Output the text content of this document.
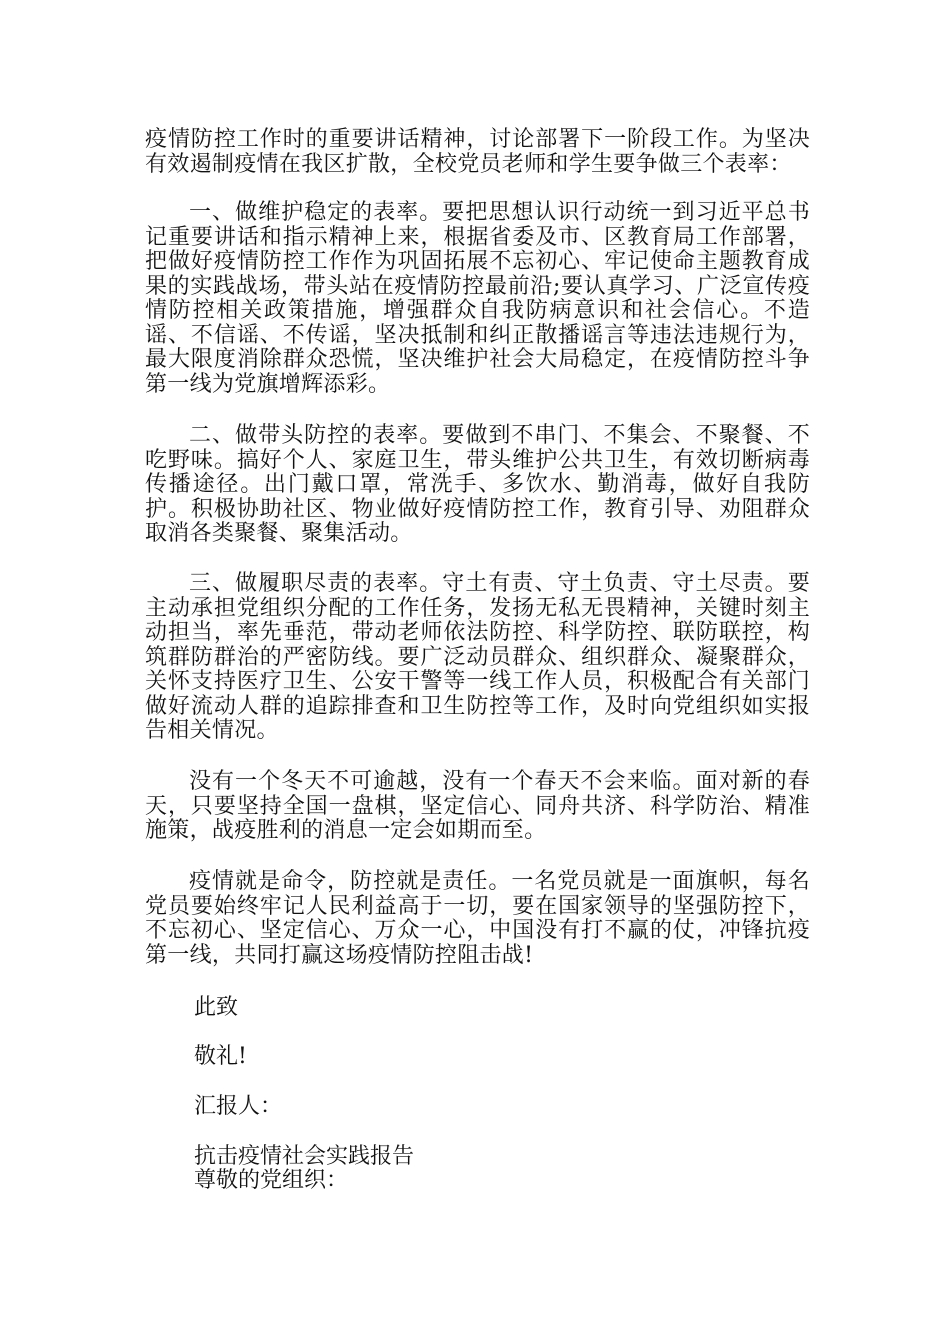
疫情防控工作时的重要讲话精神，讨论部署下一阶段工作。为坚决有效遏制疫情在我区扩散，全校党员老师和学生要争做三个表率：

一、做维护稳定的表率。要把思想认识行动统一到习近平总书记重要讲话和指示精神上来，根据省委及市、区教育局工作部署，把做好疫情防控工作作为巩固拓展不忘初心、牢记使命主题教育成果的实践战场，带头站在疫情防控最前沿;要认真学习、广泛宣传疫情防控相关政策措施，增强群众自我防病意识和社会信心。不造谣、不信谣、不传谣，坚决抵制和纠正散播谣言等违法违规行为，最大限度消除群众恐慌，坚决维护社会大局稳定，在疫情防控斗争第一线为党旗增辉添彩。

二、做带头防控的表率。要做到不串门、不集会、不聚餐、不吃野味。搞好个人、家庭卫生，带头维护公共卫生，有效切断病毒传播途径。出门戴口罩，常洗手、多饮水、勤消毒，做好自我防护。积极协助社区、物业做好疫情防控工作，教育引导、劝阻群众取消各类聚餐、聚集活动。

三、做履职尽责的表率。守土有责、守土负责、守土尽责。要主动承担党组织分配的工作任务，发扬无私无畏精神，关键时刻主动担当，率先垂范，带动老师依法防控、科学防控、联防联控，构筑群防群治的严密防线。要广泛动员群众、组织群众、凝聚群众，关怀支持医疗卫生、公安干警等一线工作人员，积极配合有关部门做好流动人群的追踪排查和卫生防控等工作，及时向党组织如实报告相关情况。

没有一个冬天不可逾越，没有一个春天不会来临。面对新的春天，只要坚持全国一盘棋，坚定信心、同舟共济、科学防治、精准施策，战疫胜利的消息一定会如期而至。

疫情就是命令，防控就是责任。一名党员就是一面旗帜，每名党员要始终牢记人民利益高于一切，要在国家领导的坚强防控下，不忘初心、坚定信心、万众一心，中国没有打不赢的仗，冲锋抗疫第一线，共同打赢这场疫情防控阻击战!

此致

敬礼!

汇报人：

抗击疫情社会实践报告

尊敬的党组织：
